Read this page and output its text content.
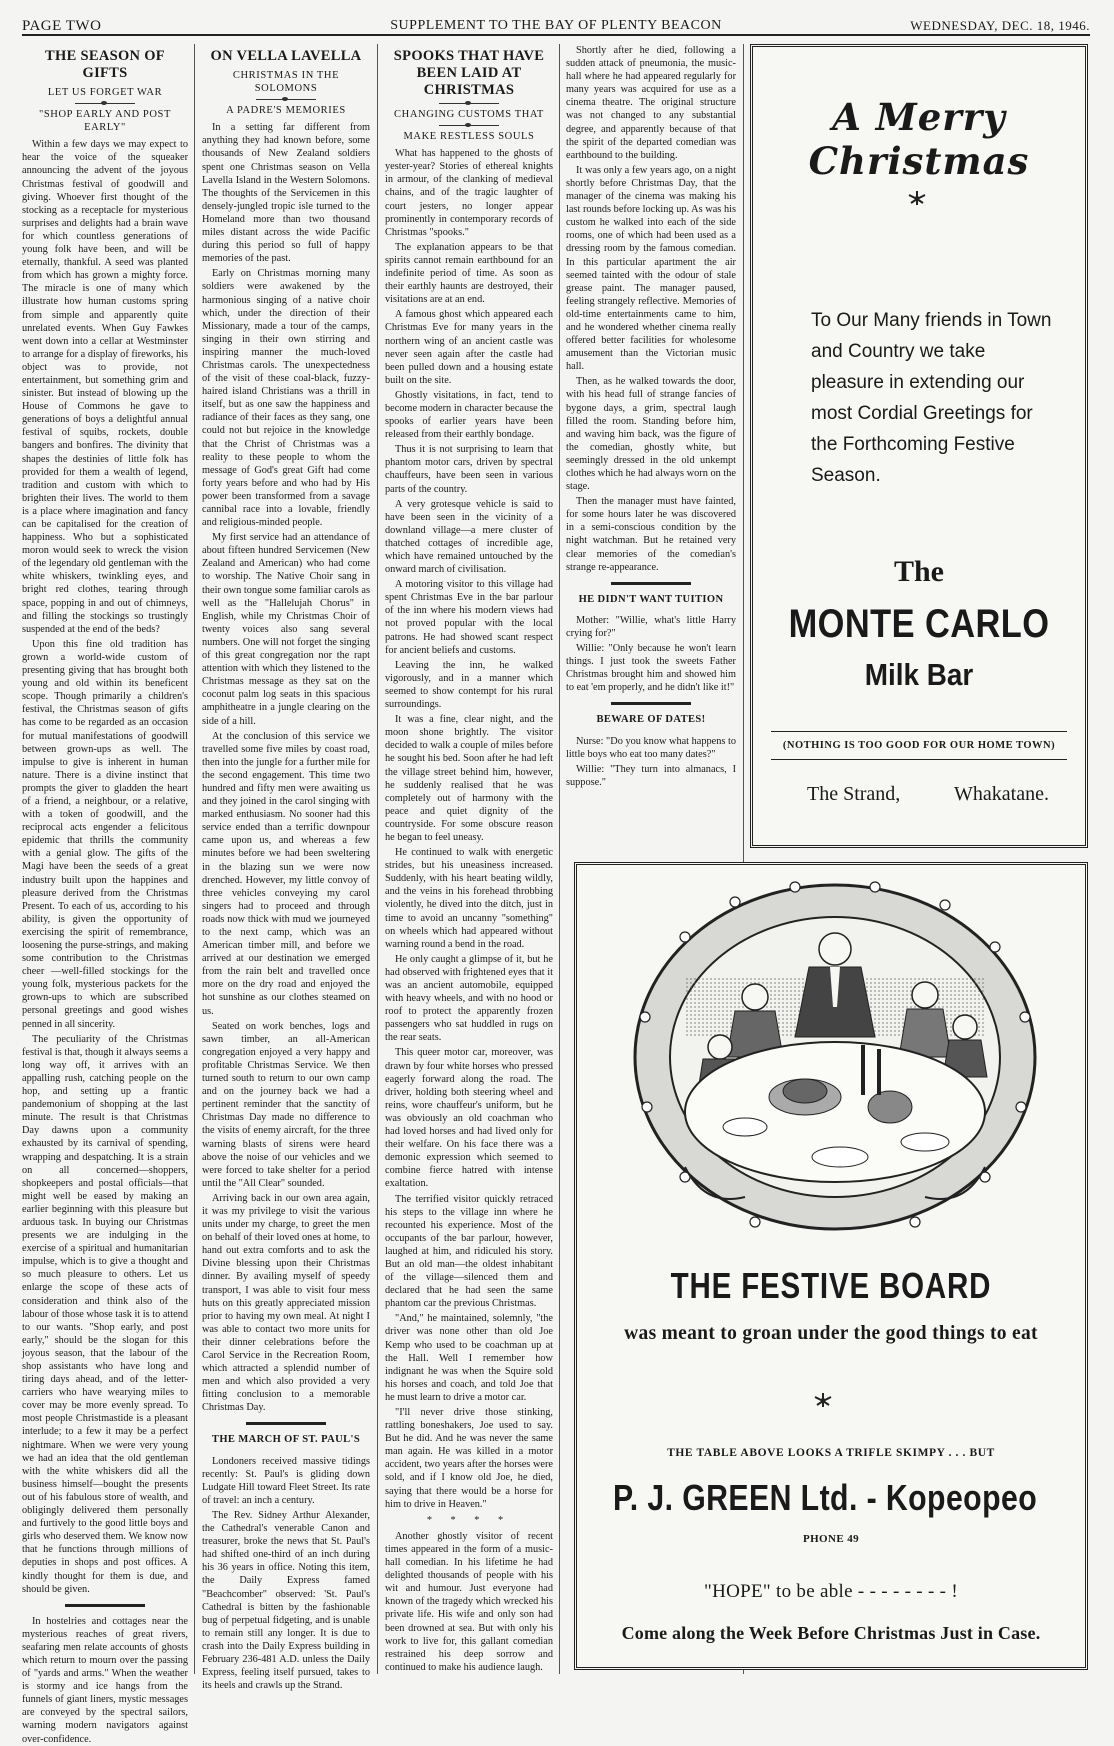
PAGE TWO	SUPPLEMENT TO THE BAY OF PLENTY BEACON	WEDNESDAY, DEC. 18, 1946.
THE SEASON OF GIFTS
LET US FORGET WAR
"SHOP EARLY AND POST EARLY"

Within a few days we may expect to hear the voice of the squeaker announcing the advent of the joyous Christmas festival of goodwill and giving. Whoever first thought of the stocking as a receptacle for mysterious surprises and delights had a brain wave for which countless generations of young folk have been, and will be eternally, thankful. A seed was planted from which has grown a mighty force. The miracle is one of many which illustrate how human customs spring from simple and apparently quite unrelated events. When Guy Fawkes went down into a cellar at Westminster to arrange for a display of fireworks, his object was to provide, not entertainment, but something grim and sinister. But instead of blowing up the House of Commons he gave to generations of boys a delightful annual festival of squibs, rockets, double bangers and bonfires. The divinity that shapes the destinies of little folk has provided for them a wealth of legend, tradition and custom with which to brighten their lives. The world to them is a place where imagination and fancy can be capitalised for the creation of happiness. Who but a sophisticated moron would seek to wreck the vision of the legendary old gentleman with the white whiskers, twinkling eyes, and bright red clothes, tearing through space, popping in and out of chimneys, and filling the stockings so trustingly suspended at the end of the beds?

Upon this fine old tradition has grown a world-wide custom of presenting giving that has brought both young and old within its beneficent scope. Though primarily a children's festival, the Christmas season of gifts has come to be regarded as an occasion for mutual manifestations of goodwill between grown-ups as well. The impulse to give is inherent in human nature. There is a divine instinct that prompts the giver to gladden the heart of a friend, a neighbour, or a relative, with a token of goodwill, and the reciprocal acts engender a felicitous epidemic that thrills the community with a genial glow. The gifts of the Magi have been the seeds of a great industry built upon the happines and pleasure derived from the Christmas Present. To each of us, according to his ability, is given the opportunity of exercising the spirit of remembrance, loosening the purse-strings, and making some contribution to the Christmas cheer —well-filled stockings for the young folk, mysterious packets for the grown-ups to which are subscribed personal greetings and good wishes penned in all sincerity.

The peculiarity of the Christmas festival is that, though it always seems a long way off, it arrives with an appalling rush, catching people on the hop, and setting up a frantic pandemonium of shopping at the last minute. The result is that Christmas Day dawns upon a community exhausted by its carnival of spending, wrapping and despatching. It is a strain on all concerned—shoppers, shopkeepers and postal officials—that might well be eased by making an earlier beginning with this pleasure but arduous task. In buying our Christmas presents we are indulging in the exercise of a spiritual and humanitarian impulse, which is to give a thought and so much pleasure to others. Let us enlarge the scope of these acts of consideration and think also of the labour of those whose task it is to attend to our wants. "Shop early, and post early," should be the slogan for this joyous season, that the labour of the shop assistants who have long and tiring days ahead, and of the letter-carriers who have wearying miles to cover may be more evenly spread. To most people Christmastide is a pleasant interlude; to a few it may be a perfect nightmare. When we were very young we had an idea that the old gentleman with the white whiskers did all the business himself—bought the presents out of his fabulous store of wealth, and obligingly delivered them personally and furtively to the good little boys and girls who deserved them. We know now that he functions through millions of deputies in shops and post offices. A kindly thought for them is due, and should be given.

In hostelries and cottages near the mysterious reaches of great rivers, seafaring men relate accounts of ghosts which return to mourn over the passing of "yards and arms." When the weather is stormy and ice hangs from the funnels of giant liners, mystic messages are conveyed by the spectral sailors, warning modern navigators against over-confidence.

ON VELLA LAVELLA
CHRISTMAS IN THE SOLOMONS
A PADRE'S MEMORIES

In a setting far different from anything they had known before, some thousands of New Zealand soldiers spent one Christmas season on Vella Lavella Island in the Western Solomons. The thoughts of the Servicemen in this densely-jungled tropic isle turned to the Homeland more than two thousand miles distant across the wide Pacific during this period so full of happy memories of the past.

Early on Christmas morning many soldiers were awakened by the harmonious singing of a native choir which, under the direction of their Missionary, made a tour of the camps, singing in their own stirring and inspiring manner the much-loved Christmas carols. The unexpectedness of the visit of these coal-black, fuzzy-haired island Christians was a thrill in itself, but as one saw the happiness and radiance of their faces as they sang, one could not but rejoice in the knowledge that the Christ of Christmas was a reality to these people to whom the message of God's great Gift had come forty years before and who had by His power been transformed from a savage cannibal race into a lovable, friendly and religious-minded people.

My first service had an attendance of about fifteen hundred Servicemen (New Zealand and American) who had come to worship. The Native Choir sang in their own tongue some familiar carols as well as the "Hallelujah Chorus" in English, while my Christmas Choir of twenty voices also sang several numbers. One will not forget the singing of this great congregation nor the rapt attention with which they listened to the Christmas message as they sat on the coconut palm log seats in this spacious amphitheatre in a jungle clearing on the side of a hill.

At the conclusion of this service we travelled some five miles by coast road, then into the jungle for a further mile for the second engagement. This time two hundred and fifty men were awaiting us and they joined in the carol singing with marked enthusiasm. No sooner had this service ended than a terrific downpour came upon us, and whereas a few minutes before we had been sweltering in the blazing sun we were now drenched. However, my little convoy of three vehicles conveying my carol singers had to proceed and through roads now thick with mud we journeyed to the next camp, which was an American timber mill, and before we arrived at our destination we emerged from the rain belt and travelled once more on the dry road and enjoyed the hot sunshine as our clothes steamed on us.

Seated on work benches, logs and sawn timber, an all-American congregation enjoyed a very happy and profitable Christmas Service. We then turned south to return to our own camp and on the journey back we had a pertinent reminder that the sanctity of Christmas Day made no difference to the visits of enemy aircraft, for the three warning blasts of sirens were heard above the noise of our vehicles and we were forced to take shelter for a period until the "All Clear" sounded.

Arriving back in our own area again, it was my privilege to visit the various units under my charge, to greet the men on behalf of their loved ones at home, to hand out extra comforts and to ask the Divine blessing upon their Christmas dinner. By availing myself of speedy transport, I was able to visit four mess huts on this greatly appreciated mission prior to having my own meal. At night I was able to contact two more units for their dinner celebrations before the Carol Service in the Recreation Room, which attracted a splendid number of men and which also provided a very fitting conclusion to a memorable Christmas Day.

THE MARCH OF ST. PAUL'S

Londoners received massive tidings recently: St. Paul's is gliding down Ludgate Hill toward Fleet Street. Its rate of travel: an inch a century.

The Rev. Sidney Arthur Alexander, the Cathedral's venerable Canon and treasurer, broke the news that St. Paul's had shifted one-third of an inch during his 36 years in office. Noting this item, the Daily Express famed "Beachcomber" observed: 'St. Paul's Cathedral is bitten by the fashionable bug of perpetual fidgeting, and is unable to remain still any longer. It is due to crash into the Daily Express building in February 236-481 A.D. unless the Daily Express, feeling itself pursued, takes to its heels and crawls up the Strand.

SPOOKS THAT HAVE BEEN LAID AT CHRISTMAS
CHANGING CUSTOMS THAT
MAKE RESTLESS SOULS

What has happened to the ghosts of yester-year? Stories of ethereal knights in armour, of the clanking of medieval chains, and of the tragic laughter of court jesters, no longer appear prominently in contemporary records of Christmas "spooks."

The explanation appears to be that spirits cannot remain earthbound for an indefinite period of time. As soon as their earthly haunts are destroyed, their visitations are at an end.

A famous ghost which appeared each Christmas Eve for many years in the northern wing of an ancient castle was never seen again after the castle had been pulled down and a housing estate built on the site.

Ghostly visitations, in fact, tend to become modern in character because the spooks of earlier years have been released from their earthly bondage.

Thus it is not surprising to learn that phantom motor cars, driven by spectral chauffeurs, have been seen in various parts of the country.

A very grotesque vehicle is said to have been seen in the vicinity of a downland village—a mere cluster of thatched cottages of incredible age, which have remained untouched by the onward march of civilisation.

A motoring visitor to this village had spent Christmas Eve in the bar parlour of the inn where his modern views had not proved popular with the local patrons. He had showed scant respect for ancient beliefs and customs.

Leaving the inn, he walked vigorously, and in a manner which seemed to show contempt for his rural surroundings.

It was a fine, clear night, and the moon shone brightly. The visitor decided to walk a couple of miles before he sought his bed. Soon after he had left the village street behind him, however, he suddenly realised that he was completely out of harmony with the peace and quiet dignity of the countryside. For some obscure reason he began to feel uneasy.

He continued to walk with energetic strides, but his uneasiness increased. Suddenly, with his heart beating wildly, and the veins in his forehead throbbing violently, he dived into the ditch, just in time to avoid an uncanny "something" on wheels which had appeared without warning round a bend in the road.

He only caught a glimpse of it, but he had observed with frightened eyes that it was an ancient automobile, equipped with heavy wheels, and with no hood or roof to protect the apparently frozen passengers who sat huddled in rugs on the rear seats.

This queer motor car, moreover, was drawn by four white horses who pressed eagerly forward along the road. The driver, holding both steering wheel and reins, wore chauffeur's uniform, but he was obviously an old coachman who had loved horses and had lived only for their welfare. On his face there was a demonic expression which seemed to combine fierce hatred with intense exaltation.

The terrified visitor quickly retraced his steps to the village inn where he recounted his experience. Most of the occupants of the bar parlour, however, laughed at him, and ridiculed his story. But an old man—the oldest inhabitant of the village—silenced them and declared that he had seen the same phantom car the previous Christmas.

"And," he maintained, solemnly, "the driver was none other than old Joe Kemp who used to be coachman up at the Hall. Well I remember how indignant he was when the Squire sold his horses and coach, and told Joe that he must learn to drive a motor car.

"I'll never drive those stinking, rattling boneshakers, Joe used to say. But he did. And he was never the same man again. He was killed in a motor accident, two years after the horses were sold, and if I know old Joe, he died, saying that there would be a horse for him to drive in Heaven."

* * * *

Another ghostly visitor of recent times appeared in the form of a music-hall comedian. In his lifetime he had delighted thousands of people with his wit and humour. Just everyone had known of the tragedy which wrecked his private life. His wife and only son had been drowned at sea. But with only his work to live for, this gallant comedian restrained his deep sorrow and continued to make his audience laugh.

Shortly after he died, following a sudden attack of pneumonia, the music-hall where he had appeared regularly for many years was acquired for use as a cinema theatre. The original structure was not changed to any substantial degree, and apparently because of that the spirit of the departed comedian was earthbound to the building.

It was only a few years ago, on a night shortly before Christmas Day, that the manager of the cinema was making his last rounds before locking up. As was his custom he walked into each of the side rooms, one of which had been used as a dressing room by the famous comedian. In this particular apartment the air seemed tainted with the odour of stale grease paint. The manager paused, feeling strangely reflective. Memories of old-time entertainments came to him, and he wondered whether cinema really offered better facilities for wholesome amusement than the Victorian music hall.

Then, as he walked towards the door, with his head full of strange fancies of bygone days, a grim, spectral laugh filled the room. Standing before him, and waving him back, was the figure of the comedian, ghostly white, but seemingly dressed in the old unkempt clothes which he had always worn on the stage.

Then the manager must have fainted, for some hours later he was discovered in a semi-conscious condition by the night watchman. But he retained very clear memories of the comedian's strange re-appearance.

HE DIDN'T WANT TUITION

Mother: "Willie, what's little Harry crying for?"

Willie: "Only because he won't learn things. I just took the sweets Father Christmas brought him and showed him to eat 'em properly, and he didn't like it!"

BEWARE OF DATES!

Nurse: "Do you know what happens to little boys who eat too many dates?"

Willie: "They turn into almanacs, I suppose."

A Merry Christmas
To Our Many friends in Town and Country we take pleasure in extending our most Cordial Greetings for the Forthcoming Festive Season.
The
MONTE CARLO
Milk Bar
(NOTHING IS TOO GOOD FOR OUR HOME TOWN)
The Strand,	Whakatane.
THE FESTIVE BOARD
was meant to groan under the good things to eat
THE TABLE ABOVE LOOKS A TRIFLE SKIMPY . . . BUT
P. J. GREEN Ltd. - Kopeopeo
PHONE 49
"HOPE" to be able - - - - - - - - !
Come along the Week Before Christmas Just in Case.
